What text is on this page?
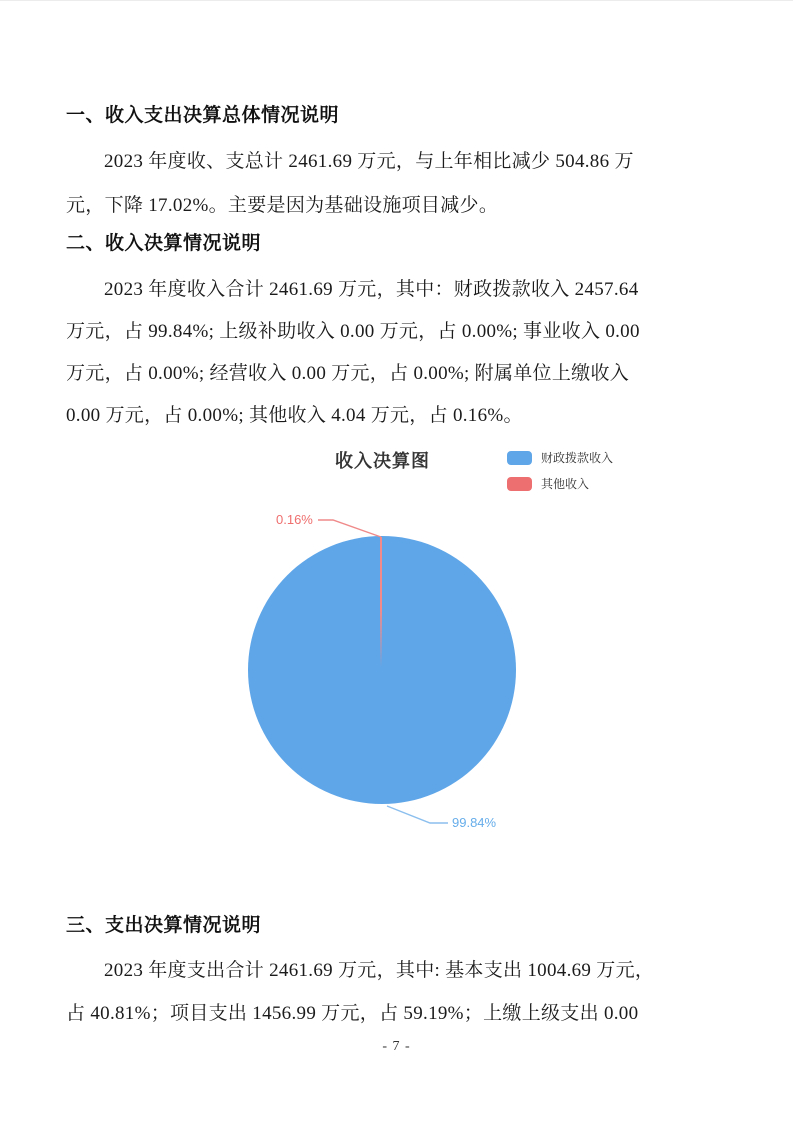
一、收入支出决算总体情况说明
2023 年度收、支总计 2461.69 万元，与上年相比减少 504.86 万
元，下降 17.02%。主要是因为基础设施项目减少。
二、收入决算情况说明
2023 年度收入合计 2461.69 万元，其中：财政拨款收入 2457.64
万元，占 99.84%; 上级补助收入 0.00 万元，占 0.00%; 事业收入 0.00
万元，占 0.00%; 经营收入 0.00 万元，占 0.00%; 附属单位上缴收入
0.00 万元，占 0.00%; 其他收入 4.04 万元，占 0.16%。
收入决算图	财政拨款收入
其他收入
0.16%
99.84%
三、支出决算情况说明
2023 年度支出合计 2461.69 万元，其中: 基本支出 1004.69 万元，
占 40.81%；项目支出 1456.99 万元，占 59.19%；上缴上级支出 0.00
- 7 -
